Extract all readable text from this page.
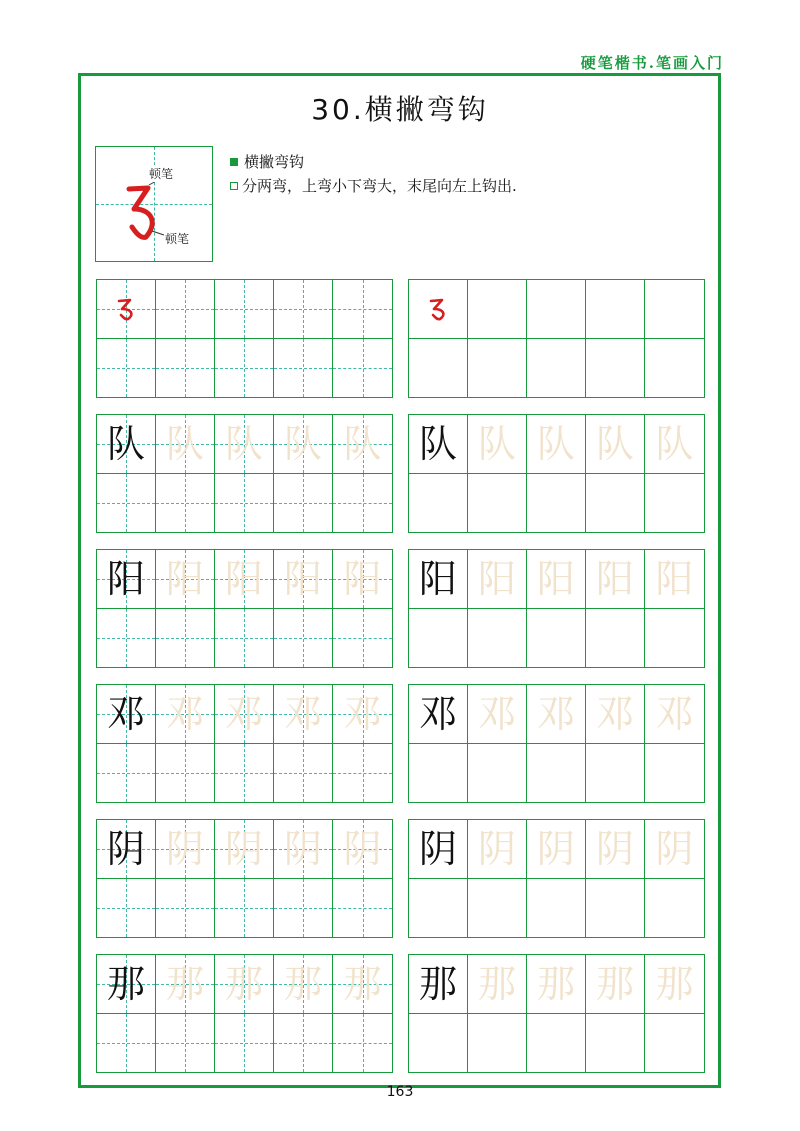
硬笔楷书.笔画入门
30.横撇弯钩
顿笔
顿笔
横撇弯钩
分两弯，上弯小下弯大，末尾向左上钩出.
队 队 队 队 队 队 队 队 队 队
阳 阳 阳 阳 阳 阳 阳 阳 阳 阳
邓 邓 邓 邓 邓 邓 邓 邓 邓 邓
阴 阴 阴 阴 阴 阴 阴 阴 阴 阴
那 那 那 那 那 那 那 那 那 那
163
